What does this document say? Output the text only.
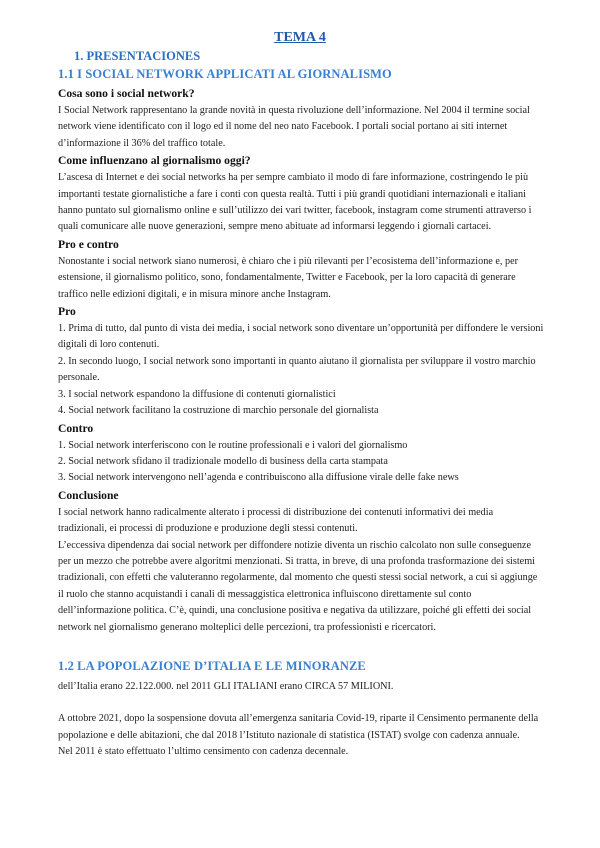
TEMA 4
1. PRESENTACIONES
1.1 I SOCIAL NETWORK APPLICATI AL GIORNALISMO
Cosa sono i social network?

I Social Network rappresentano la grande novità in questa rivoluzione dell’informazione. Nel 2004 il termine social network viene identificato con il logo ed il nome del neo nato Facebook. I portali social portano ai siti internet d’informazione il 36% del traffico totale.

Come influenzano al giornalismo oggi?

L’ascesa di Internet e dei social networks ha per sempre cambiato il modo di fare informazione, costringendo le più importanti testate giornalistiche a fare i conti con questa realtà. Tutti i più grandi quotidiani internazionali e italiani hanno puntato sul giornalismo online e sull’utilizzo dei vari twitter, facebook, instagram come strumenti attraverso i quali comunicare alle nuove generazioni, sempre meno abituate ad informarsi leggendo i giornali cartacei.

Pro e contro

Nonostante i social network siano numerosi, è chiaro che i più rilevanti per l’ecosistema dell’informazione e, per estensione, il giornalismo politico, sono, fondamentalmente, Twitter e Facebook, per la loro capacità di generare traffico nelle edizioni digitali, e in misura minore anche Instagram.

Pro

1. Prima di tutto, dal punto di vista dei media, i social network sono diventare un’opportunità per diffondere le versioni digitali di loro contenuti.

2. In secondo luogo, I social network sono importanti in quanto aiutano il giornalista per sviluppare il vostro marchio personale.

3. I social network espandono la diffusione di contenuti giornalistici

4. Social network facilitano la costruzione di marchio personale del giornalista

Contro

1. Social network interferiscono con le routine professionali e i valori del giornalismo

2. Social network sfidano il tradizionale modello di business della carta stampata

3. Social network intervengono nell’agenda e contribuiscono alla diffusione virale delle fake news

Conclusione

I social network hanno radicalmente alterato i processi di distribuzione dei contenuti informativi dei media tradizionali, ei processi di produzione e produzione degli stessi contenuti.

L’eccessiva dipendenza dai social network per diffondere notizie diventa un rischio calcolato non sulle conseguenze per un mezzo che potrebbe avere algoritmi menzionati. Si tratta, in breve, di una profonda trasformazione dei sistemi tradizionali, con effetti che valuteranno regolarmente, dal momento che questi stessi social network, a cui si aggiunge il ruolo che stanno acquistandi i canali di messaggistica elettronica influiscono direttamente sul conto dell’informazione politica. C’è, quindi, una conclusione positiva e negativa da utilizzare, poiché gli effetti dei social network nel giornalismo generano molteplici delle percezioni, tra professionisti e ricercatori.

1.2 LA POPOLAZIONE D’ITALIA E LE MINORANZE

dell’Italia erano 22.122.000. nel 2011 GLI ITALIANI erano CIRCA 57 MILIONI.

A ottobre 2021, dopo la sospensione dovuta all’emergenza sanitaria Covid-19, riparte il Censimento permanente della popolazione e delle abitazioni, che dal 2018 l’Istituto nazionale di statistica (ISTAT) svolge con cadenza annuale.

Nel 2011 è stato effettuato l’ultimo censimento con cadenza decennale.
